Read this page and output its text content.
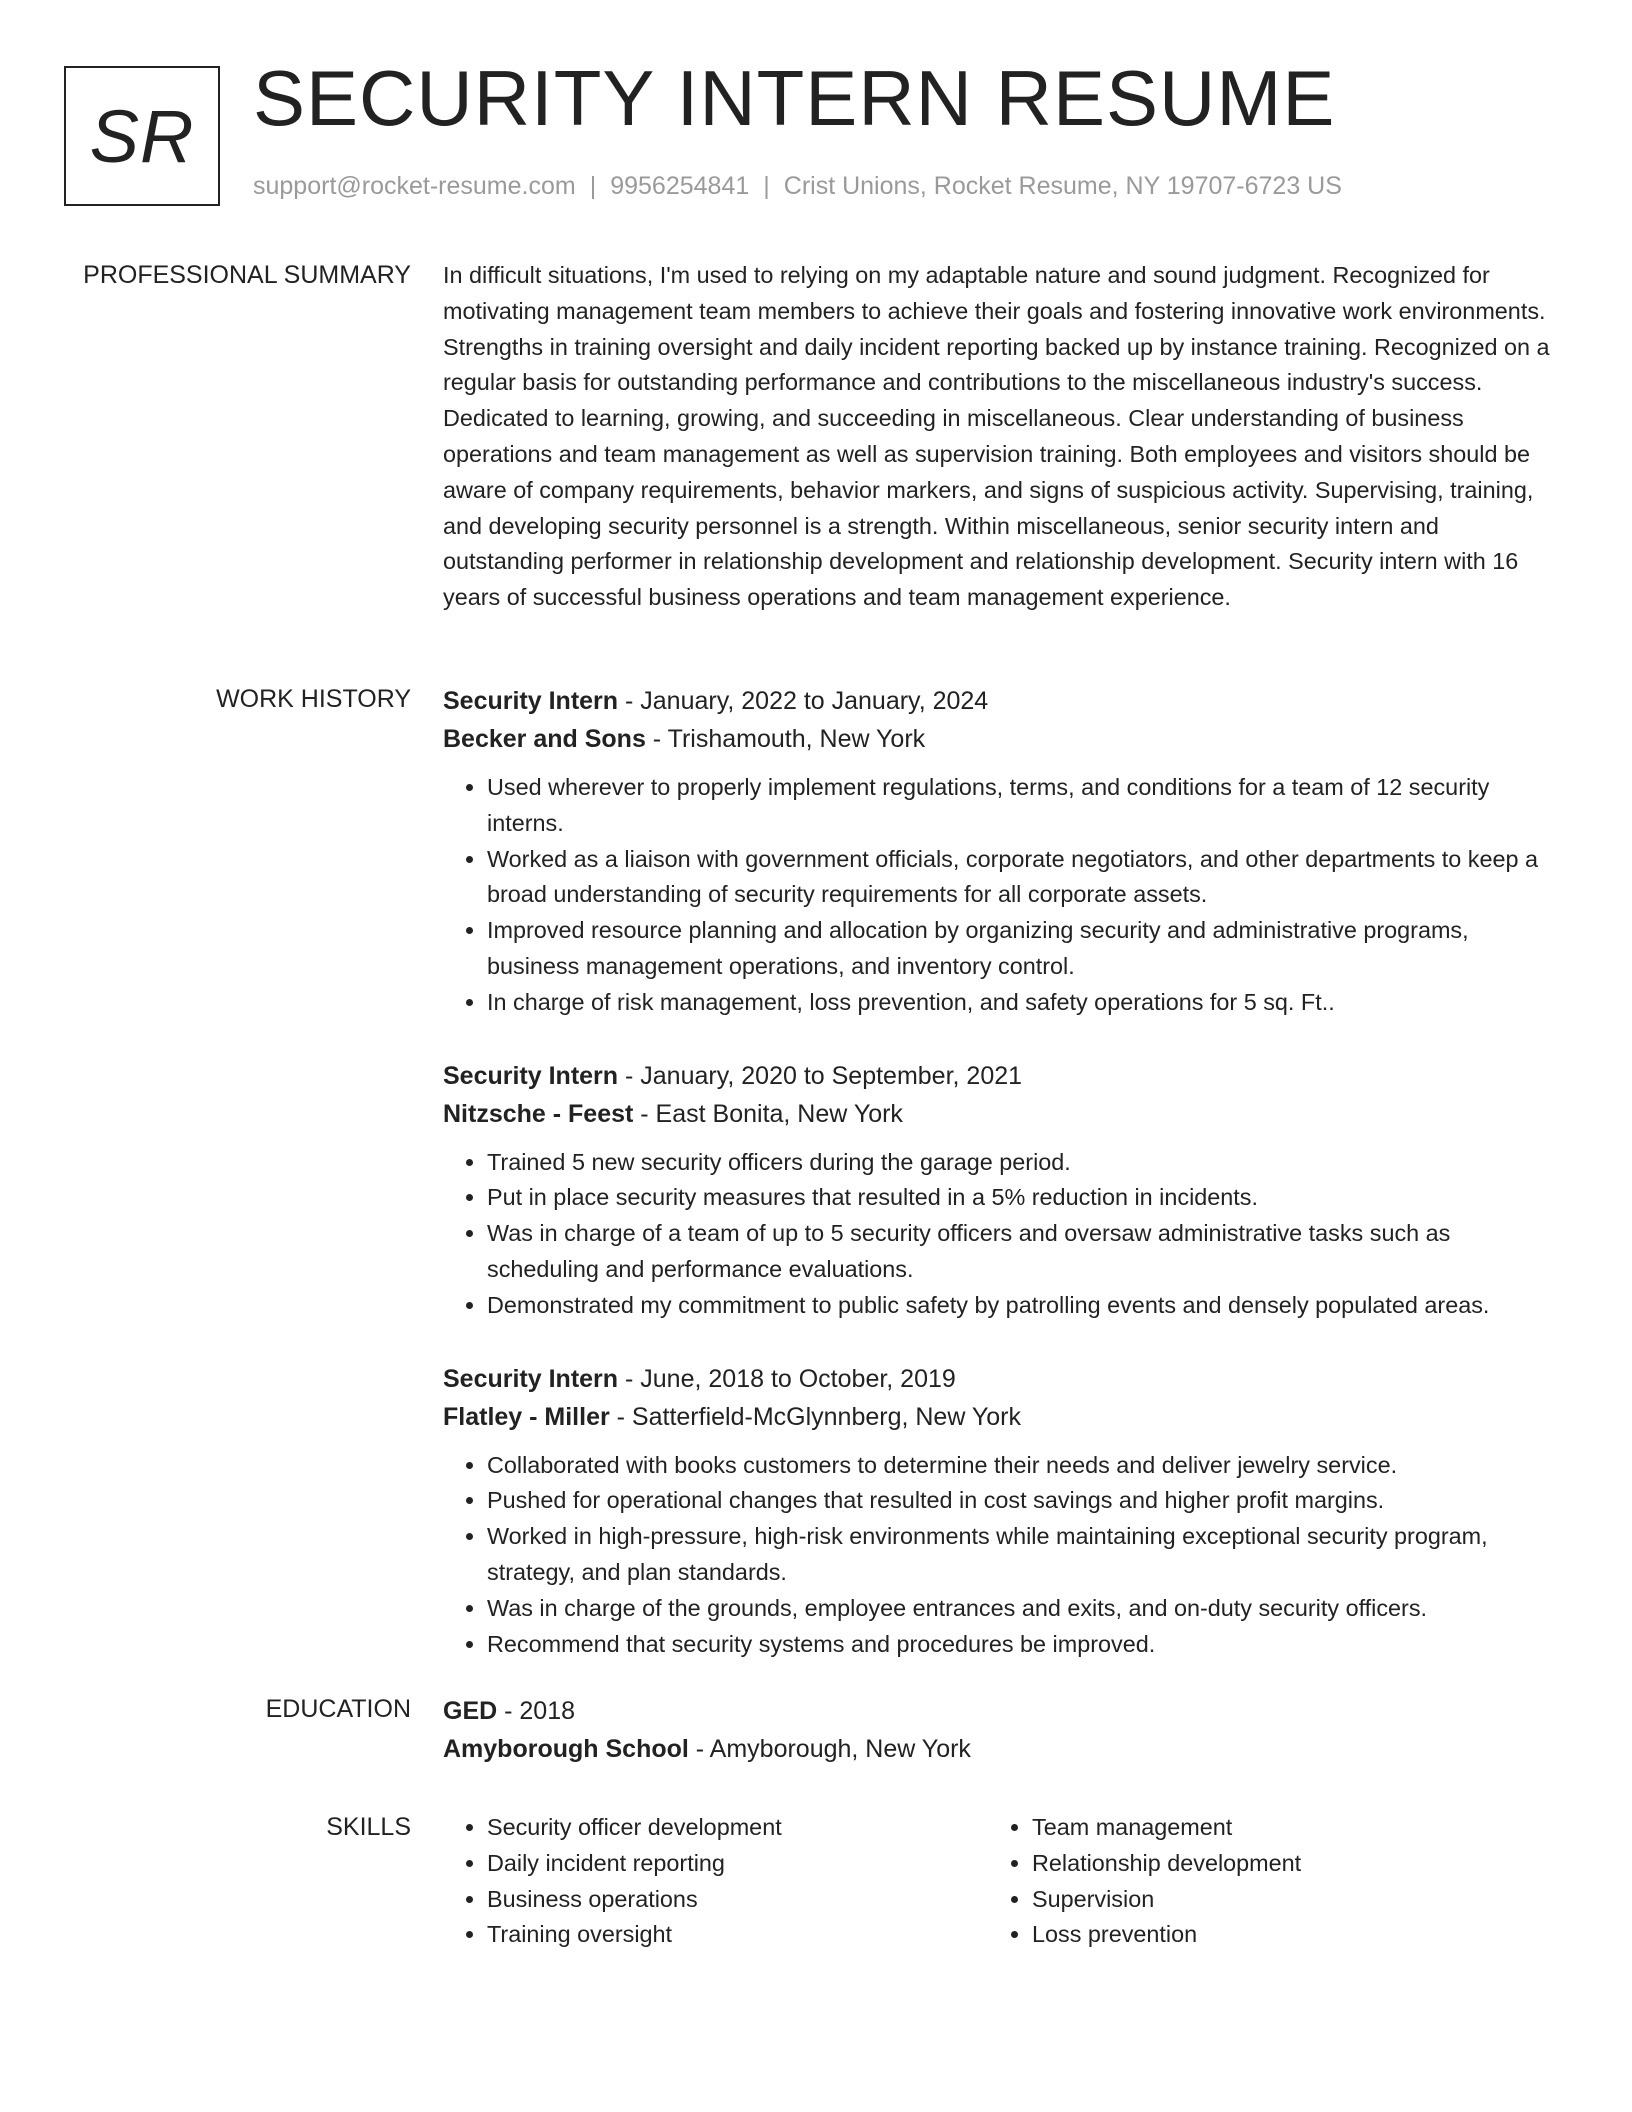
SR SECURITY INTERN RESUME
support@rocket-resume.com | 9956254841 | Crist Unions, Rocket Resume, NY 19707-6723 US
PROFESSIONAL SUMMARY In difficult situations, I'm used to relying on my adaptable nature and sound judgment. Recognized for motivating management team members to achieve their goals and fostering innovative work environments. Strengths in training oversight and daily incident reporting backed up by instance training. Recognized on a regular basis for outstanding performance and contributions to the miscellaneous industry's success. Dedicated to learning, growing, and succeeding in miscellaneous. Clear understanding of business operations and team management as well as supervision training. Both employees and visitors should be aware of company requirements, behavior markers, and signs of suspicious activity. Supervising, training, and developing security personnel is a strength. Within miscellaneous, senior security intern and outstanding performer in relationship development and relationship development. Security intern with 16 years of successful business operations and team management experience.

WORK HISTORY Security Intern - January, 2022 to January, 2024
Becker and Sons - Trishamouth, New York
• Used wherever to properly implement regulations, terms, and conditions for a team of 12 security interns.
• Worked as a liaison with government officials, corporate negotiators, and other departments to keep a broad understanding of security requirements for all corporate assets.
• Improved resource planning and allocation by organizing security and administrative programs, business management operations, and inventory control.
• In charge of risk management, loss prevention, and safety operations for 5 sq. Ft..
Security Intern - January, 2020 to September, 2021
Nitzsche - Feest - East Bonita, New York
• Trained 5 new security officers during the garage period.
• Put in place security measures that resulted in a 5% reduction in incidents.
• Was in charge of a team of up to 5 security officers and oversaw administrative tasks such as scheduling and performance evaluations.
• Demonstrated my commitment to public safety by patrolling events and densely populated areas.
Security Intern - June, 2018 to October, 2019
Flatley - Miller - Satterfield-McGlynnberg, New York
• Collaborated with books customers to determine their needs and deliver jewelry service.
• Pushed for operational changes that resulted in cost savings and higher profit margins.
• Worked in high-pressure, high-risk environments while maintaining exceptional security program, strategy, and plan standards.
• Was in charge of the grounds, employee entrances and exits, and on-duty security officers.
• Recommend that security systems and procedures be improved.
EDUCATION GED - 2018
Amyborough School - Amyborough, New York
SKILLS
•	Security officer development
• Daily incident reporting
• Business operations
• Training oversight
• Team management
• Relationship development
• Supervision
• Loss prevention
